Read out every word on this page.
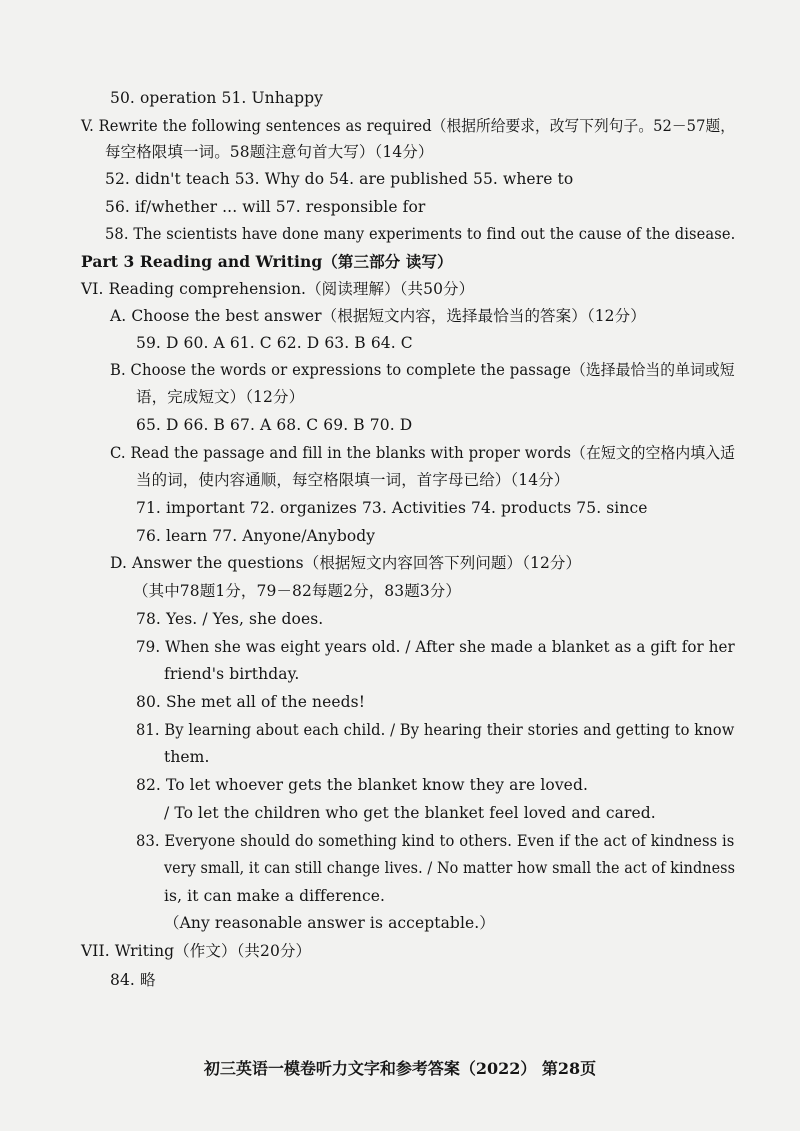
50. operation 51. Unhappy
V. Rewrite the following sentences as required（根据所给要求，改写下列句子。52－57题，
每空格限填一词。58题注意句首大写）（14分）
52. didn't teach 53. Why do 54. are published 55. where to
56. if/whether ... will 57. responsible for
58. The scientists have done many experiments to find out the cause of the disease.
Part 3 Reading and Writing（第三部分 读写）
VI. Reading comprehension.（阅读理解）（共50分）
A. Choose the best answer（根据短文内容，选择最恰当的答案）（12分）
59. D 60. A 61. C 62. D 63. B 64. C
B. Choose the words or expressions to complete the passage（选择最恰当的单词或短
语，完成短文）（12分）
65. D 66. B 67. A 68. C 69. B 70. D
C. Read the passage and fill in the blanks with proper words（在短文的空格内填入适
当的词，使内容通顺，每空格限填一词，首字母已给）（14分）
71. important 72. organizes 73. Activities 74. products 75. since
76. learn 77. Anyone/Anybody
D. Answer the questions（根据短文内容回答下列问题）（12分）
（其中78题1分，79－82每题2分，83题3分）
78. Yes. / Yes, she does.
79. When she was eight years old. / After she made a blanket as a gift for her
friend's birthday.
80. She met all of the needs!
81. By learning about each child. / By hearing their stories and getting to know
them.
82. To let whoever gets the blanket know they are loved.
/ To let the children who get the blanket feel loved and cared.
83. Everyone should do something kind to others. Even if the act of kindness is
very small, it can still change lives. / No matter how small the act of kindness
is, it can make a difference.
（Any reasonable answer is acceptable.）
VII. Writing（作文）（共20分）
84. 略
初三英语一模卷听力文字和参考答案（2022） 第28页
